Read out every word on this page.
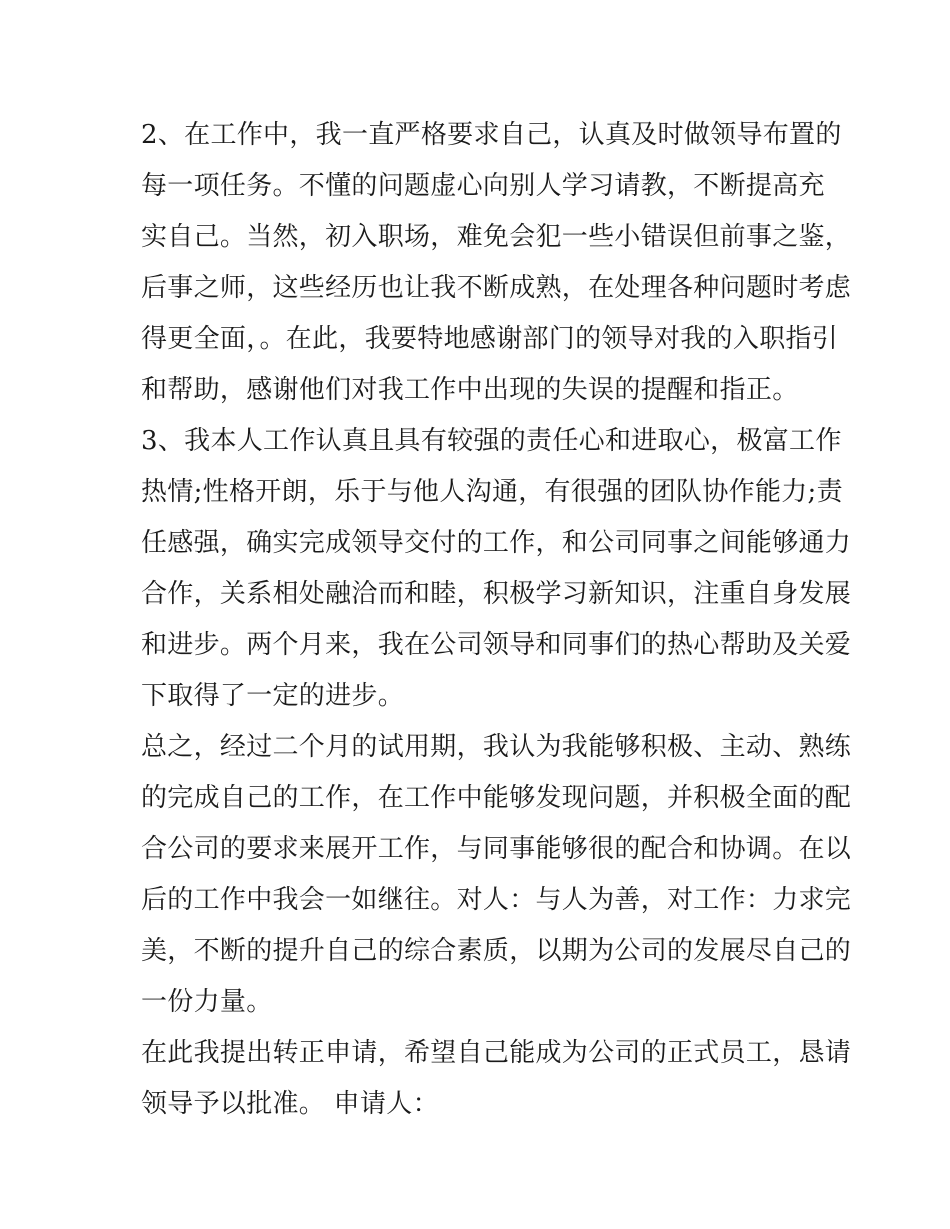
2、在工作中，我一直严格要求自己，认真及时做领导布置的
每一项任务。不懂的问题虚心向别人学习请教，不断提高充
实自己。当然，初入职场，难免会犯一些小错误但前事之鉴，
后事之师，这些经历也让我不断成熟，在处理各种问题时考虑
得更全面，。在此，我要特地感谢部门的领导对我的入职指引
和帮助，感谢他们对我工作中出现的失误的提醒和指正。
3、我本人工作认真且具有较强的责任心和进取心，极富工作
热情;性格开朗，乐于与他人沟通，有很强的团队协作能力;责
任感强，确实完成领导交付的工作，和公司同事之间能够通力
合作，关系相处融洽而和睦，积极学习新知识，注重自身发展
和进步。两个月来，我在公司领导和同事们的热心帮助及关爱
下取得了一定的进步。
总之，经过二个月的试用期，我认为我能够积极、主动、熟练
的完成自己的工作，在工作中能够发现问题，并积极全面的配
合公司的要求来展开工作，与同事能够很的配合和协调。在以
后的工作中我会一如继往。对人：与人为善，对工作：力求完
美，不断的提升自己的综合素质，以期为公司的发展尽自己的
一份力量。
在此我提出转正申请，希望自己能成为公司的正式员工，恳请
领导予以批准。 申请人：
